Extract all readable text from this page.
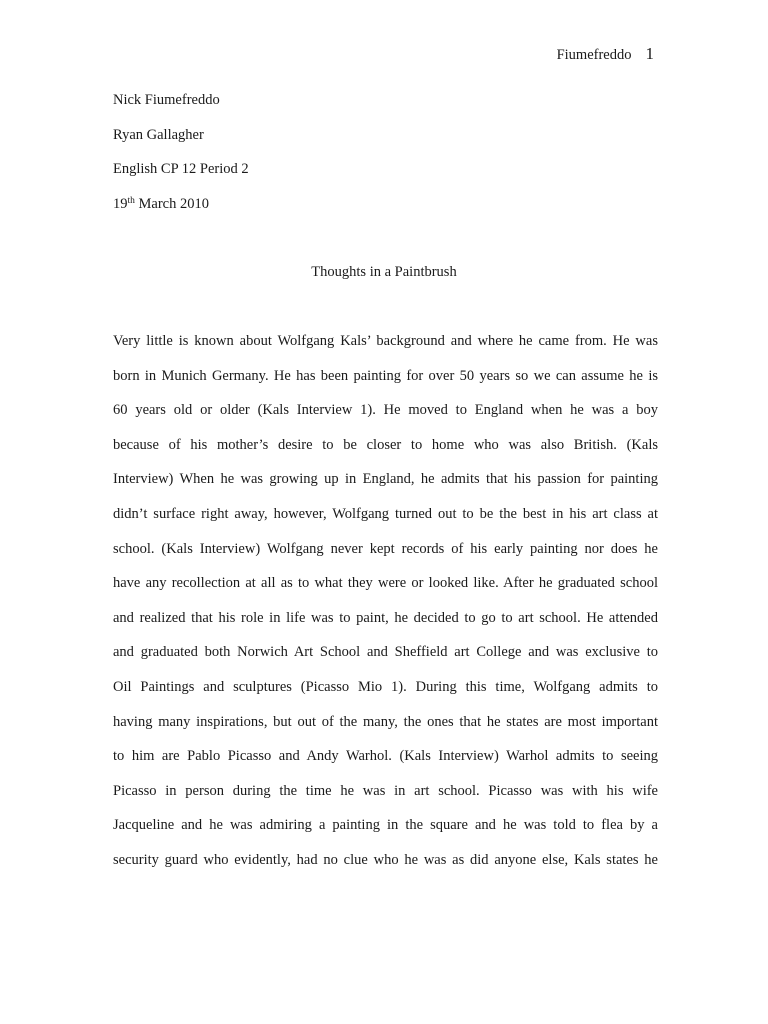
Fiumefreddo 1
Nick Fiumefreddo
Ryan Gallagher
English CP 12 Period 2
19th March 2010
Thoughts in a Paintbrush
Very little is known about Wolfgang Kals’ background and where he came from. He was
born in Munich Germany. He has been painting for over 50 years so we can assume he is
60 years old or older (Kals Interview 1). He moved to England when he was a boy
because of his mother’s desire to be closer to home who was also British. (Kals
Interview) When he was growing up in England, he admits that his passion for painting
didn’t surface right away, however, Wolfgang turned out to be the best in his art class at
school. (Kals Interview) Wolfgang never kept records of his early painting nor does he
have any recollection at all as to what they were or looked like. After he graduated school
and realized that his role in life was to paint, he decided to go to art school. He attended
and graduated both Norwich Art School and Sheffield art College and was exclusive to
Oil Paintings and sculptures (Picasso Mio 1). During this time, Wolfgang admits to
having many inspirations, but out of the many, the ones that he states are most important
to him are Pablo Picasso and Andy Warhol. (Kals Interview) Warhol admits to seeing
Picasso in person during the time he was in art school. Picasso was with his wife
Jacqueline and he was admiring a painting in the square and he was told to flea by a
security guard who evidently, had no clue who he was as did anyone else, Kals states he
